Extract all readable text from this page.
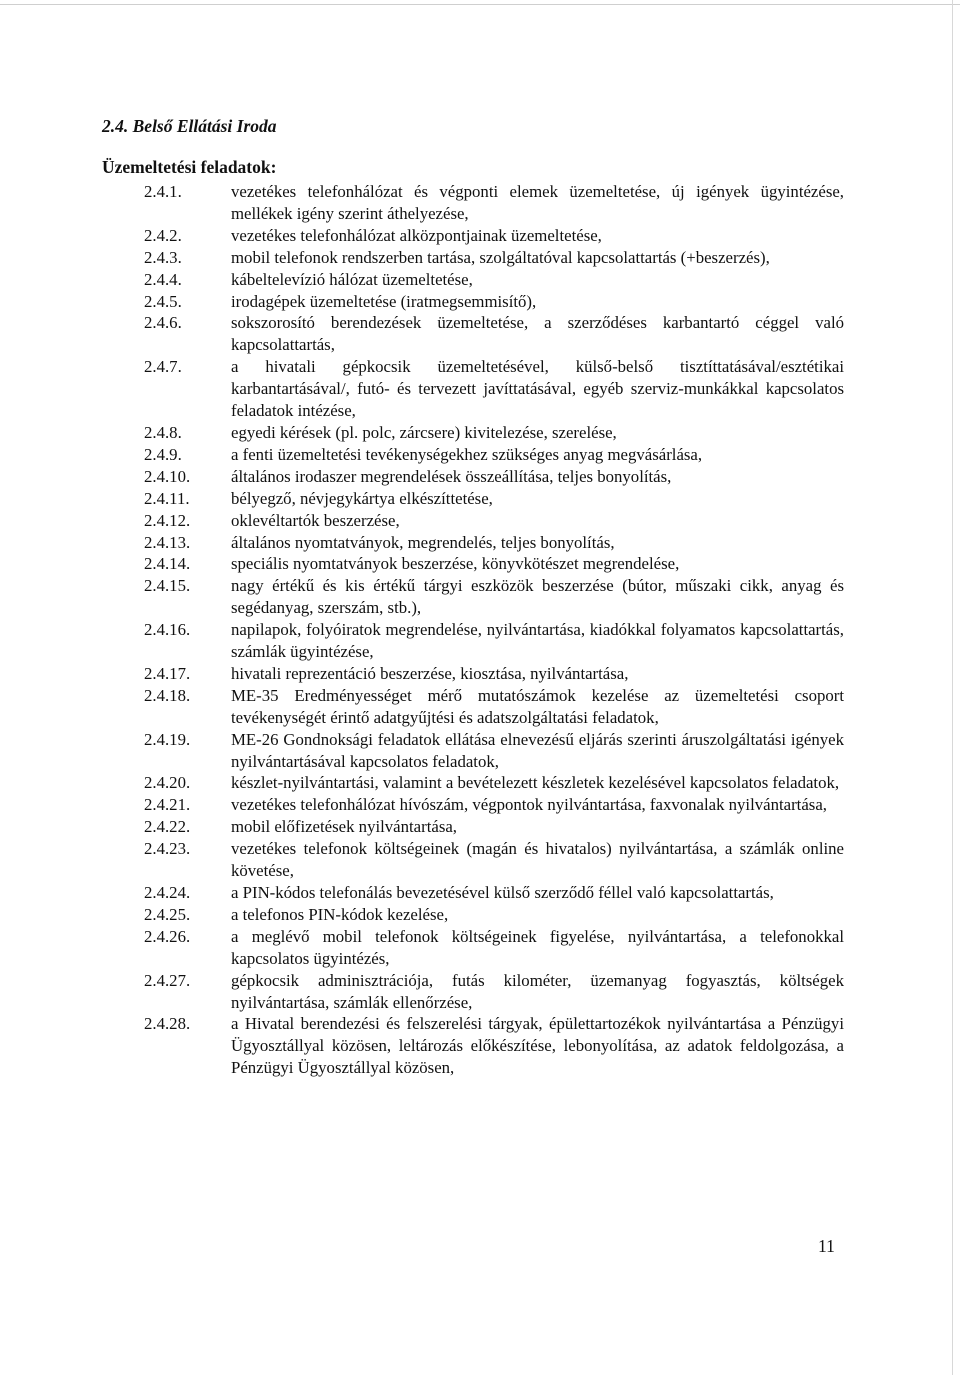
2.4. Belső Ellátási Iroda
Üzemeltetési feladatok:
2.4.1.	vezetékes telefonhálózat és végponti elemek üzemeltetése, új igények ügyintézése, mellékek igény szerint áthelyezése,
2.4.2.	vezetékes telefonhálózat alközpontjainak üzemeltetése,
2.4.3.	mobil telefonok rendszerben tartása, szolgáltatóval kapcsolattartás (+beszerzés),
2.4.4.	kábeltelevízió hálózat üzemeltetése,
2.4.5.	irodagépek üzemeltetése (iratmegsemmisítő),
2.4.6.	sokszorosító berendezések üzemeltetése, a szerződéses karbantartó céggel való kapcsolattartás,
2.4.7.	a hivatali gépkocsik üzemeltetésével, külső-belső tisztíttatásával/esztétikai karbantartásával/, futó- és tervezett javíttatásával, egyéb szerviz-munkákkal kapcsolatos feladatok intézése,
2.4.8.	egyedi kérések (pl. polc, zárcsere) kivitelezése, szerelése,
2.4.9.	a fenti üzemeltetési tevékenységekhez szükséges anyag megvásárlása,
2.4.10.	általános irodaszer megrendelések összeállítása, teljes bonyolítás,
2.4.11.	bélyegző, névjegykártya elkészíttetése,
2.4.12.	oklevéltartók beszerzése,
2.4.13.	általános nyomtatványok, megrendelés, teljes bonyolítás,
2.4.14.	speciális nyomtatványok beszerzése, könyvkötészet megrendelése,
2.4.15.	nagy értékű és kis értékű tárgyi eszközök beszerzése (bútor, műszaki cikk, anyag és segédanyag, szerszám, stb.),
2.4.16.	napilapok, folyóiratok megrendelése, nyilvántartása, kiadókkal folyamatos kapcsolattartás, számlák ügyintézése,
2.4.17.	hivatali reprezentáció beszerzése, kiosztása, nyilvántartása,
2.4.18.	ME-35 Eredményességet mérő mutatószámok kezelése az üzemeltetési csoport tevékenységét érintő adatgyűjtési és adatszolgáltatási feladatok,
2.4.19.	ME-26 Gondnoksági feladatok ellátása elnevezésű eljárás szerinti áruszolgáltatási igények nyilvántartásával kapcsolatos feladatok,
2.4.20.	készlet-nyilvántartási, valamint a bevételezett készletek kezelésével kapcsolatos feladatok,
2.4.21.	vezetékes telefonhálózat hívószám, végpontok nyilvántartása, faxvonalak nyilvántartása,
2.4.22.	mobil előfizetések nyilvántartása,
2.4.23.	vezetékes telefonok költségeinek (magán és hivatalos) nyilvántartása, a számlák online követése,
2.4.24.	a PIN-kódos telefonálás bevezetésével külső szerződő féllel való kapcsolattartás,
2.4.25.	a telefonos PIN-kódok kezelése,
2.4.26.	a meglévő mobil telefonok költségeinek figyelése, nyilvántartása, a telefonokkal kapcsolatos ügyintézés,
2.4.27.	gépkocsik adminisztrációja, futás kilométer, üzemanyag fogyasztás, költségek nyilvántartása, számlák ellenőrzése,
2.4.28.	a Hivatal berendezési és felszerelési tárgyak, épülettartozékok nyilvántartása a Pénzügyi Ügyosztállyal közösen, leltározás előkészítése, lebonyolítása, az adatok feldolgozása, a Pénzügyi Ügyosztállyal közösen,
11
